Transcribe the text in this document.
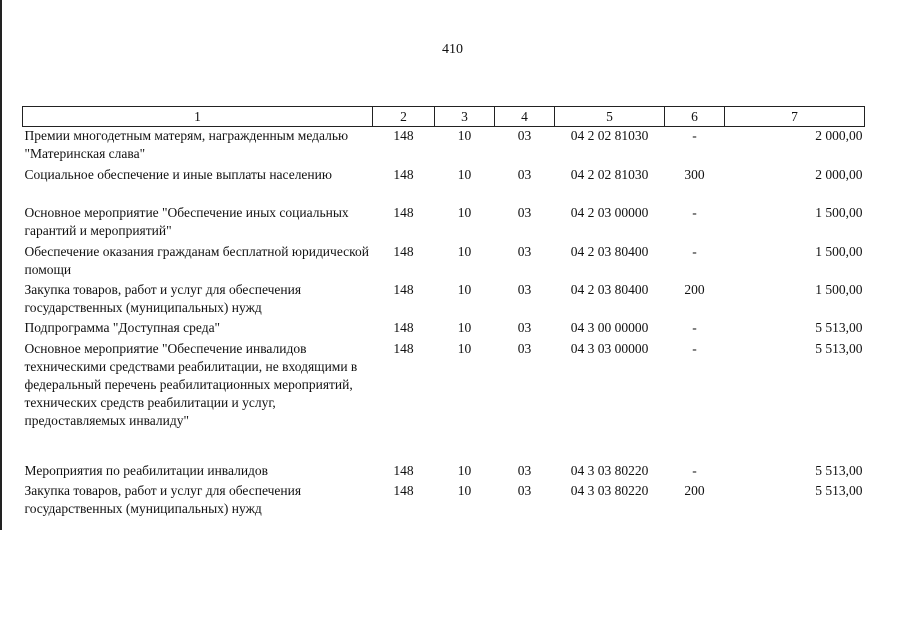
410
1	2	3	4	5	6	7
Премии многодетным матерям, награжденным медалью "Материнская слава"	148	10	03	04 2 02 81030	-	2 000,00
Социальное обеспечение и иные выплаты населению	148	10	03	04 2 02 81030	300	2 000,00
Основное мероприятие "Обеспечение иных социальных гарантий и мероприятий"	148	10	03	04 2 03 00000	-	1 500,00
Обеспечение оказания гражданам бесплатной юридической помощи	148	10	03	04 2 03 80400	-	1 500,00
Закупка товаров, работ и услуг для обеспечения государственных (муниципальных) нужд	148	10	03	04 2 03 80400	200	1 500,00
Подпрограмма "Доступная среда"	148	10	03	04 3 00 00000	-	5 513,00
Основное мероприятие "Обеспечение инвалидов техническими средствами реабилитации, не входящими в федеральный перечень реабилитационных мероприятий, технических средств реабилитации и услуг, предоставляемых инвалиду"	148	10	03	04 3 03 00000	-	5 513,00
Мероприятия по реабилитации инвалидов	148	10	03	04 3 03 80220	-	5 513,00
Закупка товаров, работ и услуг для обеспечения государственных (муниципальных) нужд	148	10	03	04 3 03 80220	200	5 513,00
